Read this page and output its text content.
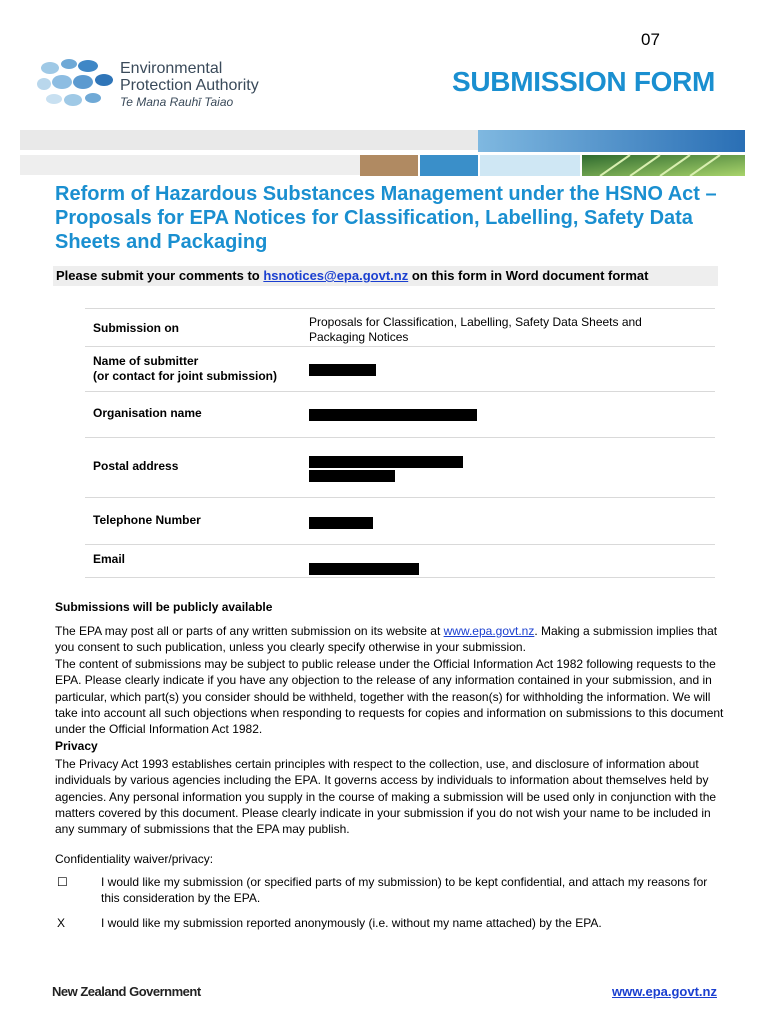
07
Environmental
Protection Authority
Te Mana Rauhī Taiao
SUBMISSION FORM
Reform of Hazardous Substances Management under the HSNO Act – Proposals for EPA Notices for Classification, Labelling, Safety Data Sheets and Packaging
Please submit your comments to hsnotices@epa.govt.nz on this form in Word document format
Submission on	Proposals for Classification, Labelling, Safety Data Sheets and Packaging Notices
Name of submitter
(or contact for joint submission)
Organisation name
Postal address
Telephone Number
Email
Submissions will be publicly available
The EPA may post all or parts of any written submission on its website at www.epa.govt.nz. Making a submission implies that you consent to such publication, unless you clearly specify otherwise in your submission.
The content of submissions may be subject to public release under the Official Information Act 1982 following requests to the EPA. Please clearly indicate if you have any objection to the release of any information contained in your submission, and in particular, which part(s) you consider should be withheld, together with the reason(s) for withholding the information. We will take into account all such objections when responding to requests for copies and information on submissions to this document under the Official Information Act 1982.
Privacy
The Privacy Act 1993 establishes certain principles with respect to the collection, use, and disclosure of information about individuals by various agencies including the EPA. It governs access by individuals to information about themselves held by agencies. Any personal information you supply in the course of making a submission will be used only in conjunction with the matters covered by this document. Please clearly indicate in your submission if you do not wish your name to be included in any summary of submissions that the EPA may publish.
Confidentiality waiver/privacy:
☐	I would like my submission (or specified parts of my submission) to be kept confidential, and attach my reasons for this consideration by the EPA.
X	I would like my submission reported anonymously (i.e. without my name attached) by the EPA.
New Zealand Government	www.epa.govt.nz
